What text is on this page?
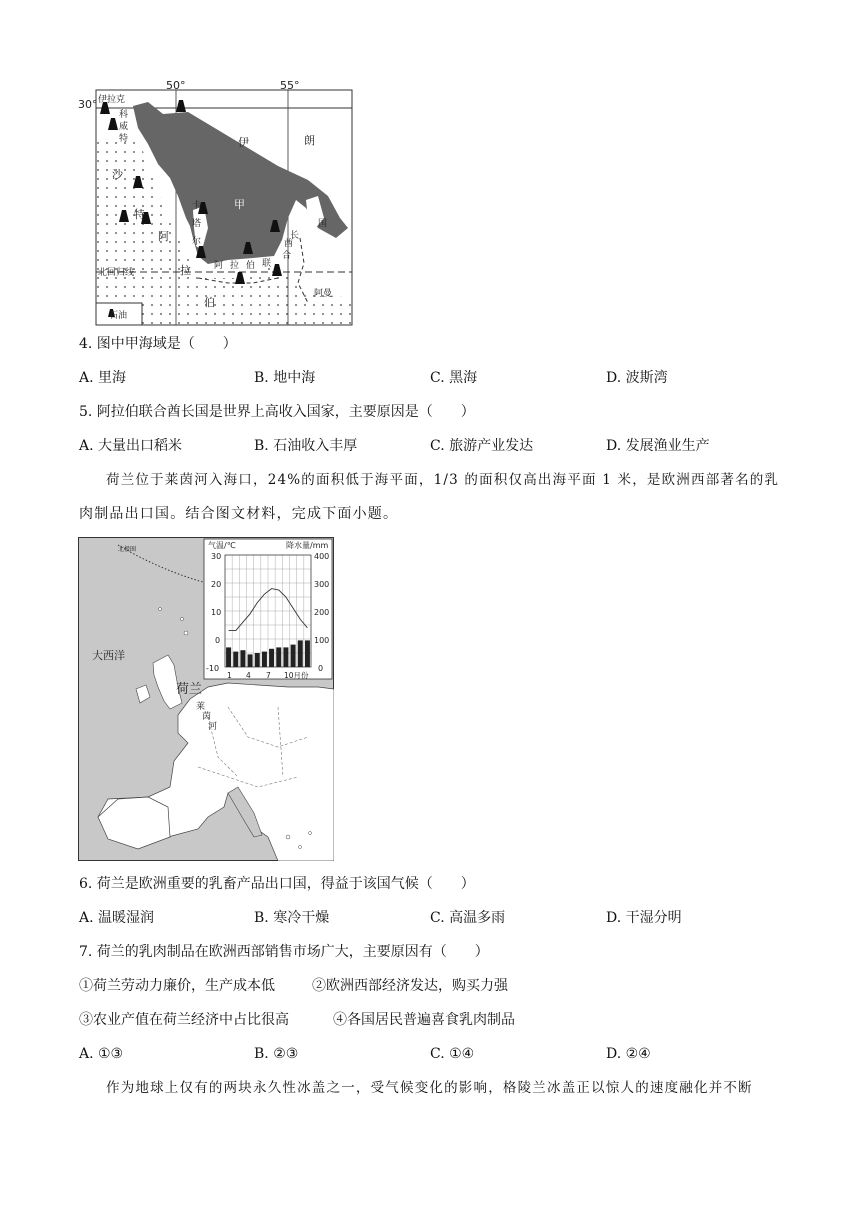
50°	55°
30° 伊拉克
科
威
特
沙
特
阿
伊	朗
甲
卡
塔
尔
阿 拉 伯 联
合
酋
长
国
阿曼
拉
伯
北回归线
石油
4. 图中甲海域是（　　）
A. 里海	B. 地中海	C. 黑海	D. 波斯湾
5. 阿拉伯联合酋长国是世界上高收入国家，主要原因是（　　）
A. 大量出口稻米	B. 石油收入丰厚	C. 旅游产业发达	D. 发展渔业生产
荷兰位于莱茵河入海口，24%的面积低于海平面，1/3 的面积仅高出海平面 1 米，是欧洲西部著名的乳
肉制品出口国。结合图文材料，完成下面小题。
北极圈
大西洋
荷兰
莱
茵
河
气温/℃	降水量/mm
30
20
10
0
-10
400
300
200
100
0
1 4 7 10月份
6. 荷兰是欧洲重要的乳畜产品出口国，得益于该国气候（　　）
A. 温暖湿润	B. 寒冷干燥	C. 高温多雨	D. 干湿分明
7. 荷兰的乳肉制品在欧洲西部销售市场广大，主要原因有（　　）
①荷兰劳动力廉价，生产成本低	②欧洲西部经济发达，购买力强
③农业产值在荷兰经济中占比很高	④各国居民普遍喜食乳肉制品
A. ①③	B. ②③	C. ①④	D. ②④
作为地球上仅有的两块永久性冰盖之一，受气候变化的影响，格陵兰冰盖正以惊人的速度融化并不断
